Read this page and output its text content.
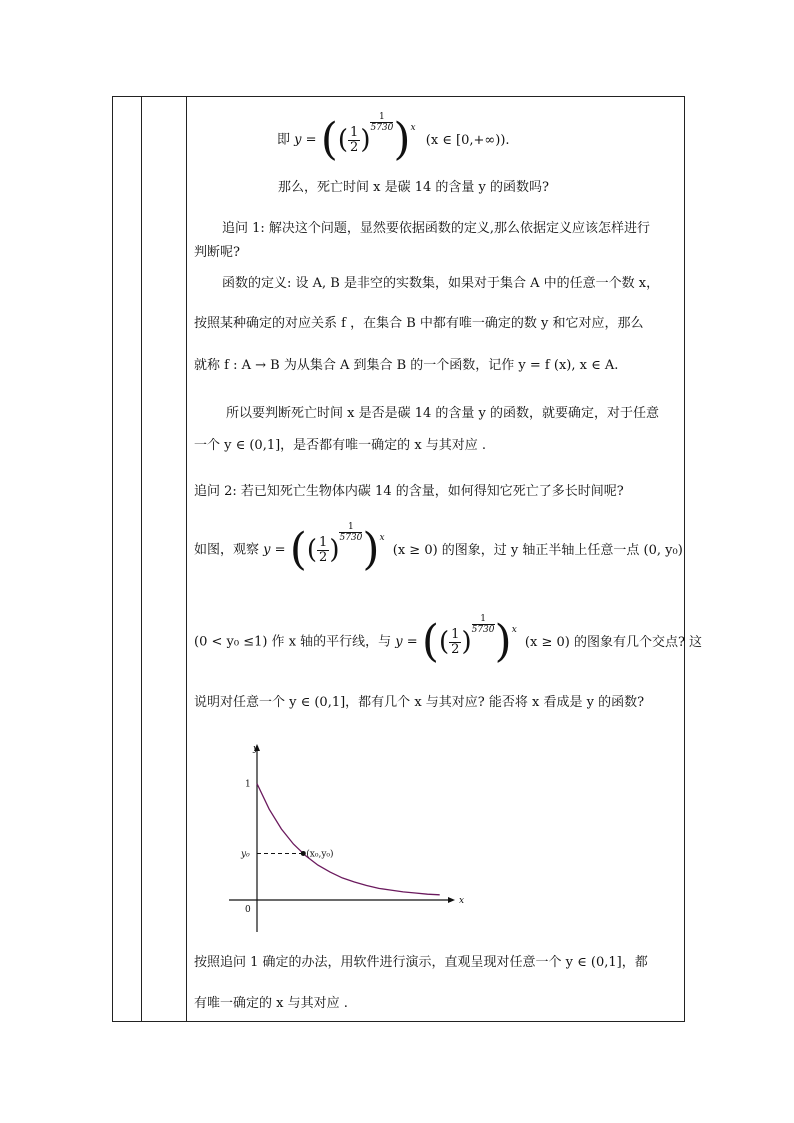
即 y = (( $\frac{1}{2}$ )
$\frac{1}{5730} )^x$ (x ∈ [0,+∞)).
那么，死亡时间 x 是碳 14 的含量 y 的函数吗?
追问 1: 解决这个问题，显然要依据函数的定义,那么依据定义应该怎样进行
判断呢?
函数的定义: 设 A, B 是非空的实数集，如果对于集合 A 中的任意一个数 x，
按照某种确定的对应关系 f ，在集合 B 中都有唯一确定的数 y 和它对应，那么
就称 f : A → B 为从集合 A 到集合 B 的一个函数，记作 y = f (x), x ∈ A.
所以要判断死亡时间 x 是否是碳 14 的含量 y 的函数，就要确定，对于任意
一个 y ∈ (0,1]，是否都有唯一确定的 x 与其对应 .
追问 2: 若已知死亡生物体内碳 14 的含量，如何得知它死亡了多长时间呢?
如图，观察 y = (( $\frac{1}{2}$ )
$\frac{1}{5730} )^x$ (x ≥ 0) 的图象，过 y 轴正半轴上任意一点 (0, y₀)
(0 < y₀ ≤1) 作 x 轴的平行线，与 y = (( $\frac{1}{2}$ )
$\frac{1}{5730} )^x$ (x ≥ 0) 的图象有几个交点? 这
说明对任意一个 y ∈ (0,1]，都有几个 x 与其对应? 能否将 x 看成是 y 的函数?
x
y
0
1
y₀	(x₀,y₀)
按照追问 1 确定的办法，用软件进行演示，直观呈现对任意一个 y ∈ (0,1]，都
有唯一确定的 x 与其对应 .
